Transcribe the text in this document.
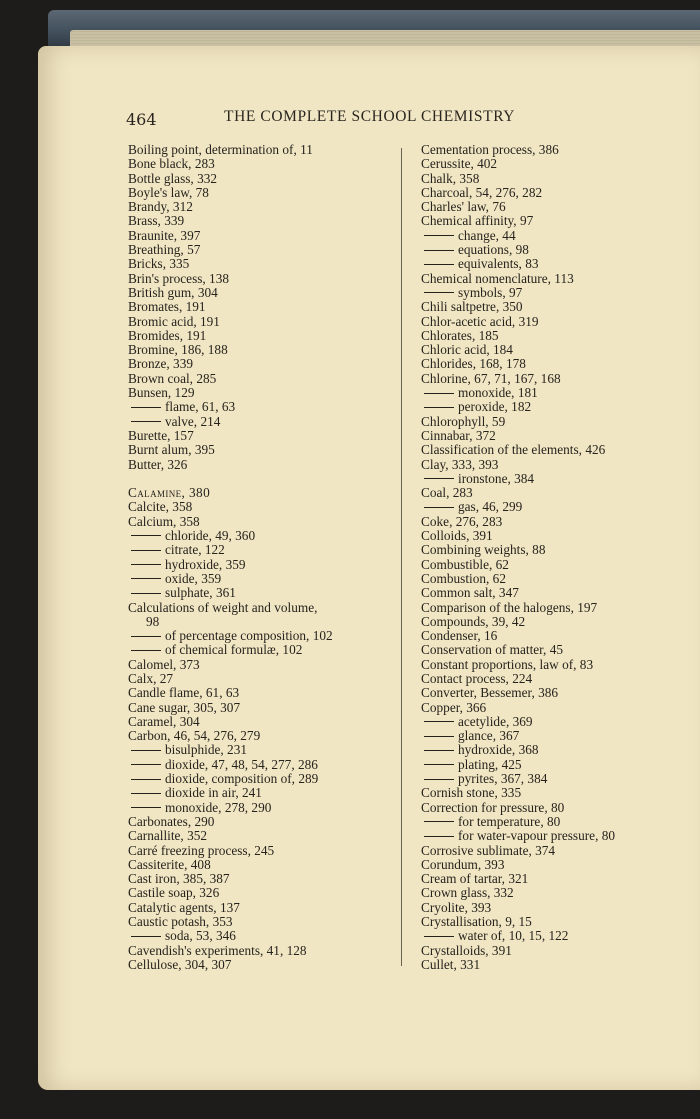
464	THE COMPLETE SCHOOL CHEMISTRY
Boiling point, determination of, 11
Bone black, 283
Bottle glass, 332
Boyle's law, 78
Brandy, 312
Brass, 339
Braunite, 397
Breathing, 57
Bricks, 335
Brin's process, 138
British gum, 304
Bromates, 191
Bromic acid, 191
Bromides, 191
Bromine, 186, 188
Bronze, 339
Brown coal, 285
Bunsen, 129
flame, 61, 63
valve, 214
Burette, 157
Burnt alum, 395
Butter, 326
Calamine, 380
Calcite, 358
Calcium, 358
chloride, 49, 360
citrate, 122
hydroxide, 359
oxide, 359
sulphate, 361
Calculations of weight and volume,
98
of percentage composition, 102
of chemical formulæ, 102
Calomel, 373
Calx, 27
Candle flame, 61, 63
Cane sugar, 305, 307
Caramel, 304
Carbon, 46, 54, 276, 279
bisulphide, 231
dioxide, 47, 48, 54, 277, 286
dioxide, composition of, 289
dioxide in air, 241
monoxide, 278, 290
Carbonates, 290
Carnallite, 352
Carré freezing process, 245
Cassiterite, 408
Cast iron, 385, 387
Castile soap, 326
Catalytic agents, 137
Caustic potash, 353
soda, 53, 346
Cavendish's experiments, 41, 128
Cellulose, 304, 307
Cementation process, 386
Cerussite, 402
Chalk, 358
Charcoal, 54, 276, 282
Charles' law, 76
Chemical affinity, 97
change, 44
equations, 98
equivalents, 83
Chemical nomenclature, 113
symbols, 97
Chili saltpetre, 350
Chlor-acetic acid, 319
Chlorates, 185
Chloric acid, 184
Chlorides, 168, 178
Chlorine, 67, 71, 167, 168
monoxide, 181
peroxide, 182
Chlorophyll, 59
Cinnabar, 372
Classification of the elements, 426
Clay, 333, 393
ironstone, 384
Coal, 283
gas, 46, 299
Coke, 276, 283
Colloids, 391
Combining weights, 88
Combustible, 62
Combustion, 62
Common salt, 347
Comparison of the halogens, 197
Compounds, 39, 42
Condenser, 16
Conservation of matter, 45
Constant proportions, law of, 83
Contact process, 224
Converter, Bessemer, 386
Copper, 366
acetylide, 369
glance, 367
hydroxide, 368
plating, 425
pyrites, 367, 384
Cornish stone, 335
Correction for pressure, 80
for temperature, 80
for water-vapour pressure, 80
Corrosive sublimate, 374
Corundum, 393
Cream of tartar, 321
Crown glass, 332
Cryolite, 393
Crystallisation, 9, 15
water of, 10, 15, 122
Crystalloids, 391
Cullet, 331
